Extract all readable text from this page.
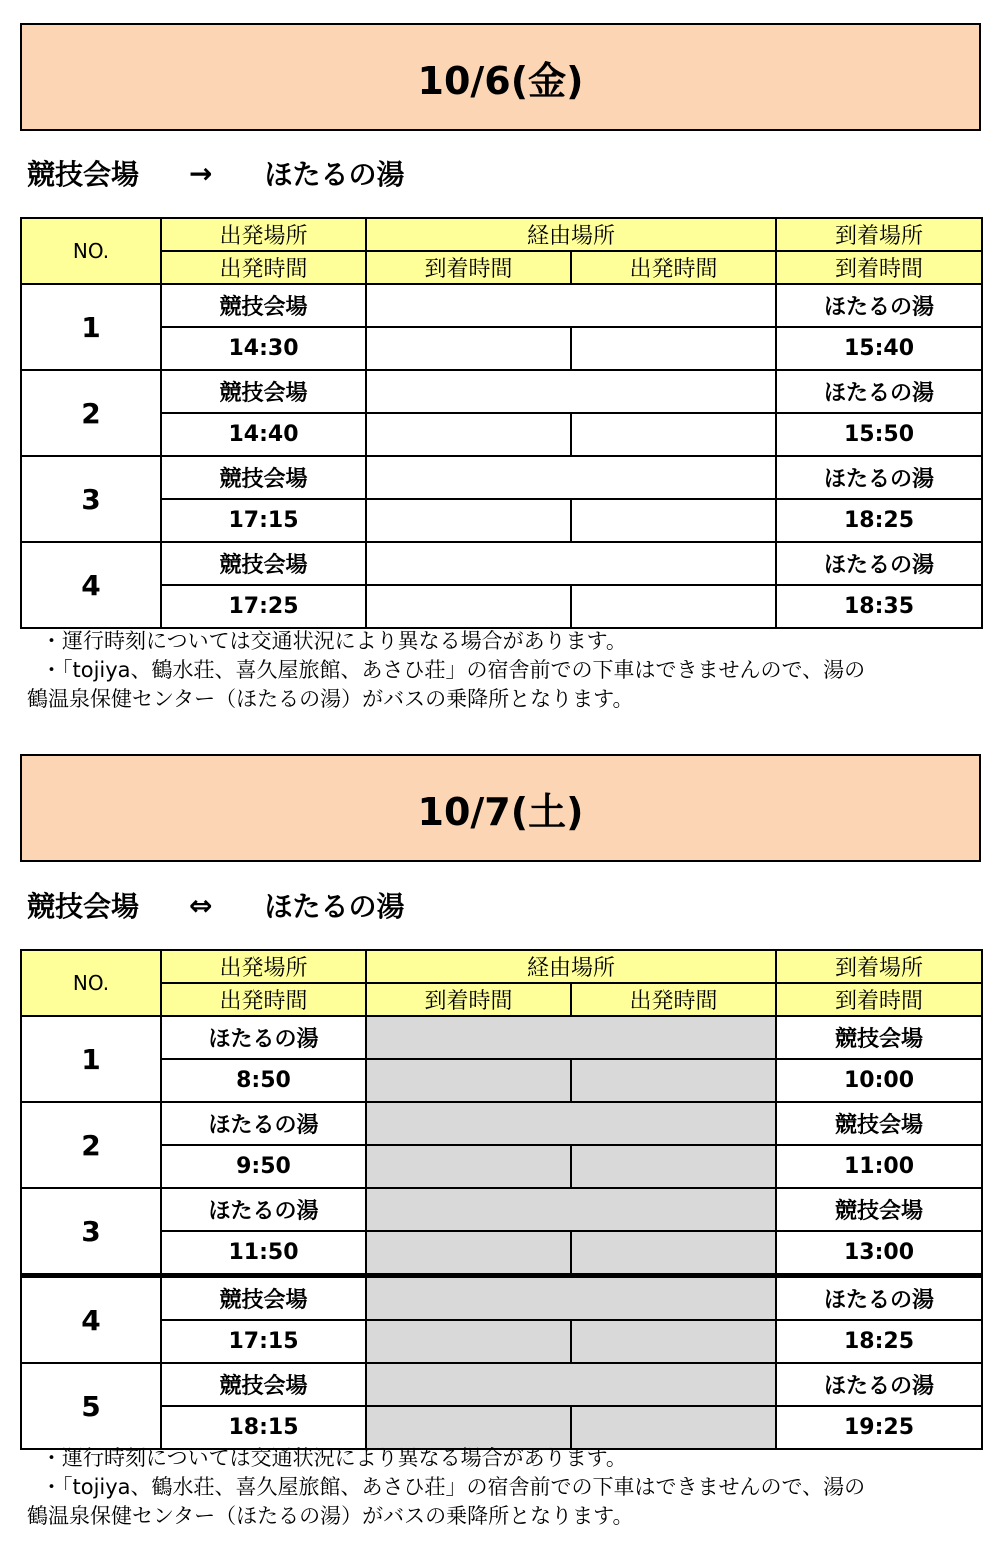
10/6(金)
競技会場 → ほたるの湯
NO.	出発場所	経由場所		到着場所
	出発時間	到着時間	出発時間	到着時間
1	競技会場			ほたるの湯
	14:30			15:40
2	競技会場			ほたるの湯
	14:40			15:50
3	競技会場			ほたるの湯
	17:15			18:25
4	競技会場			ほたるの湯
	17:25			18:35

・運行時刻については交通状況により異なる場合があります。

・「tojiya、鶴水荘、喜久屋旅館、あさひ荘」の宿舎前での下車はできませんので、湯の

鶴温泉保健センター（ほたるの湯）がバスの乗降所となります。

10/7(土)
競技会場 ⇔ ほたるの湯
NO.	出発場所	経由場所		到着場所
	出発時間	到着時間	出発時間	到着時間
1	ほたるの湯			競技会場
	8:50			10:00
2	ほたるの湯			競技会場
	9:50			11:00
3	ほたるの湯			競技会場
	11:50			13:00
4	競技会場			ほたるの湯
	17:15			18:25
5	競技会場			ほたるの湯
	18:15			19:25

・運行時刻については交通状況により異なる場合があります。

・「tojiya、鶴水荘、喜久屋旅館、あさひ荘」の宿舎前での下車はできませんので、湯の

鶴温泉保健センター（ほたるの湯）がバスの乗降所となります。
